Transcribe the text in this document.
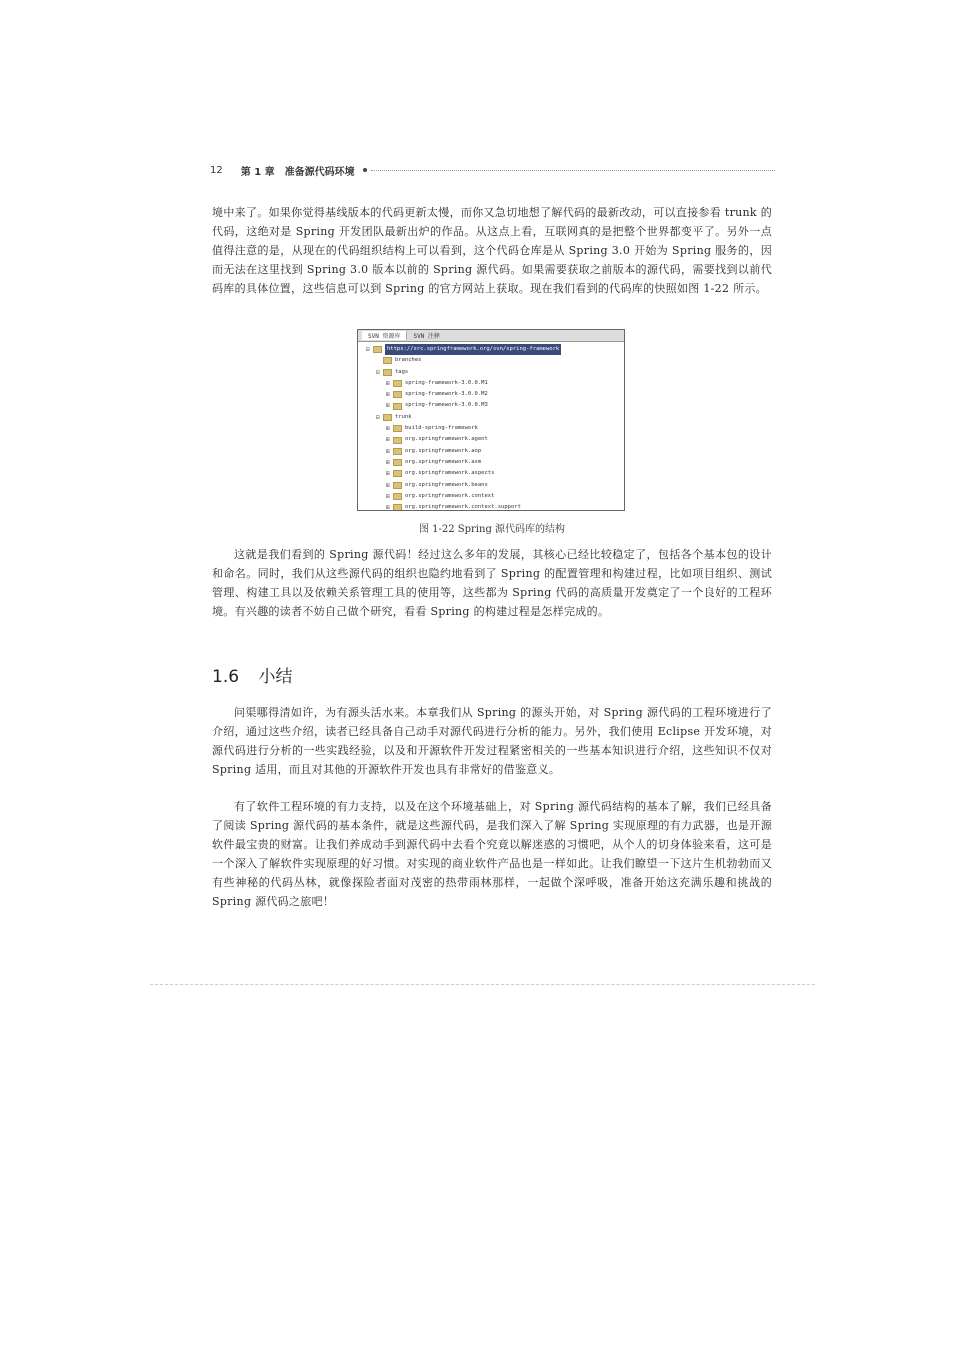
12 第 1 章 准备源代码环境
境中来了。如果你觉得基线版本的代码更新太慢，而你又急切地想了解代码的最新改动，可以直接参看 trunk 的代码，这绝对是 Spring 开发团队最新出炉的作品。从这点上看，互联网真的是把整个世界都变平了。另外一点值得注意的是，从现在的代码组织结构上可以看到，这个代码仓库是从 Spring 3.0 开始为 Spring 服务的，因而无法在这里找到 Spring 3.0 版本以前的 Spring 源代码。如果需要获取之前版本的源代码，需要找到以前代码库的具体位置，这些信息可以到 Spring 的官方网站上获取。现在我们看到的代码库的快照如图 1-22 所示。
SVN 资源库	SVN 注释
⊟	https://src.springframework.org/svn/spring-framework
branches
⊟	tags
⊞	spring-framework-3.0.0.M1
⊞	spring-framework-3.0.0.M2
⊞	spring-framework-3.0.0.M3
⊟	trunk
⊞	build-spring-framework
⊞	org.springframework.agent
⊞	org.springframework.aop
⊞	org.springframework.asm
⊞	org.springframework.aspects
⊞	org.springframework.beans
⊞	org.springframework.context
⊞	org.springframework.context.support
图 1-22 Spring 源代码库的结构
这就是我们看到的 Spring 源代码！经过这么多年的发展，其核心已经比较稳定了，包括各个基本包的设计和命名。同时，我们从这些源代码的组织也隐约地看到了 Spring 的配置管理和构建过程，比如项目组织、测试管理、构建工具以及依赖关系管理工具的使用等，这些都为 Spring 代码的高质量开发奠定了一个良好的工程环境。有兴趣的读者不妨自己做个研究，看看 Spring 的构建过程是怎样完成的。
1.6 小结
问渠哪得清如许，为有源头活水来。本章我们从 Spring 的源头开始，对 Spring 源代码的工程环境进行了介绍，通过这些介绍，读者已经具备自己动手对源代码进行分析的能力。另外，我们使用 Eclipse 开发环境，对源代码进行分析的一些实践经验，以及和开源软件开发过程紧密相关的一些基本知识进行介绍，这些知识不仅对 Spring 适用，而且对其他的开源软件开发也具有非常好的借鉴意义。
有了软件工程环境的有力支持，以及在这个环境基础上，对 Spring 源代码结构的基本了解，我们已经具备了阅读 Spring 源代码的基本条件，就是这些源代码，是我们深入了解 Spring 实现原理的有力武器，也是开源软件最宝贵的财富。让我们养成动手到源代码中去看个究竟以解迷惑的习惯吧，从个人的切身体验来看，这可是一个深入了解软件实现原理的好习惯。对实现的商业软件产品也是一样如此。让我们瞭望一下这片生机勃勃而又有些神秘的代码丛林，就像探险者面对茂密的热带雨林那样，一起做个深呼吸，准备开始这充满乐趣和挑战的 Spring 源代码之旅吧！
